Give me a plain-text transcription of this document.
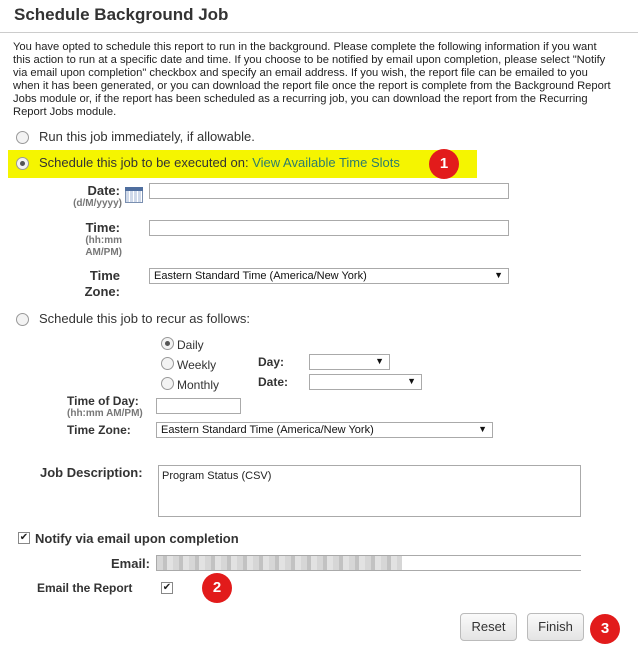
Schedule Background Job
You have opted to schedule this report to run in the background. Please complete the following information if you want this action to run at a specific date and time. If you choose to be notified by email upon completion, please select "Notify via email upon completion" checkbox and specify an email address. If you wish, the report file can be emailed to you when it has been generated, or you can download the report file once the report is complete from the Background Report Jobs module or, if the report has been scheduled as a recurring job, you can download the report from the Recurring Report Jobs module.
Run this job immediately, if allowable.
Schedule this job to be executed on: View Available Time Slots	1
Date:
(d/M/yyyy)
Time:
(hh:mm
AM/PM)
Time
Zone:
Eastern Standard Time (America/New York)	▼
Schedule this job to recur as follows:
Daily
Weekly
Monthly
Day:	▼
Date:	▼
Time of Day:
(hh:mm AM/PM)
Time Zone:	Eastern Standard Time (America/New York)	▼
Job Description:	Program Status (CSV)
✔ Notify via email upon completion
Email:
Email the Report	✔	2
Reset	Finish	3
